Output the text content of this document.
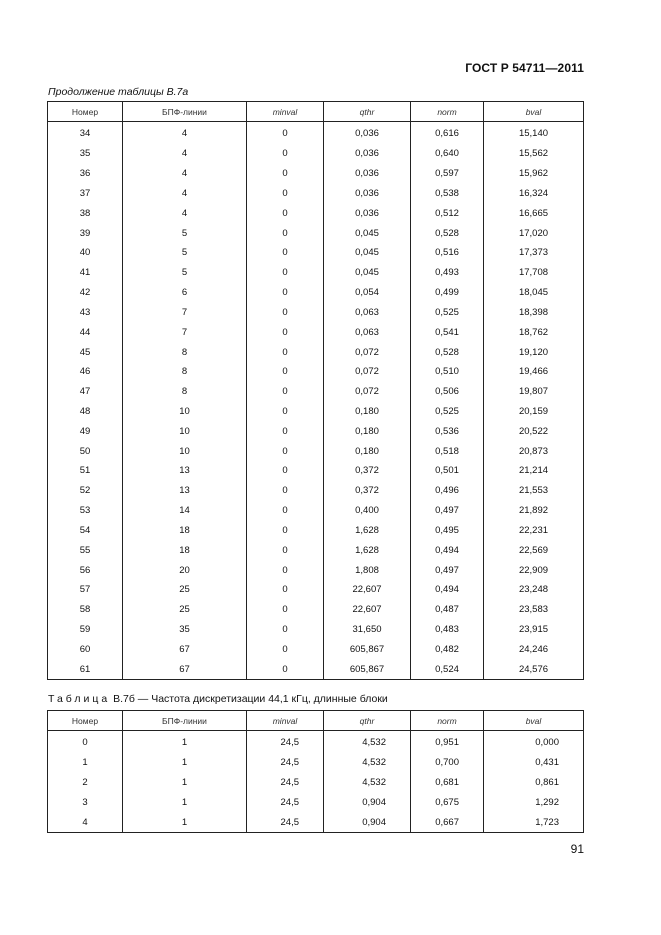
ГОСТ Р 54711—2011
Продолжение таблицы В.7а
Номер	БПФ-линии	minval	qthr	norm	bval
34	4	0	0,036	0,616	15,140
35	4	0	0,036	0,640	15,562
36	4	0	0,036	0,597	15,962
37	4	0	0,036	0,538	16,324
38	4	0	0,036	0,512	16,665
39	5	0	0,045	0,528	17,020
40	5	0	0,045	0,516	17,373
41	5	0	0,045	0,493	17,708
42	6	0	0,054	0,499	18,045
43	7	0	0,063	0,525	18,398
44	7	0	0,063	0,541	18,762
45	8	0	0,072	0,528	19,120
46	8	0	0,072	0,510	19,466
47	8	0	0,072	0,506	19,807
48	10	0	0,180	0,525	20,159
49	10	0	0,180	0,536	20,522
50	10	0	0,180	0,518	20,873
51	13	0	0,372	0,501	21,214
52	13	0	0,372	0,496	21,553
53	14	0	0,400	0,497	21,892
54	18	0	1,628	0,495	22,231
55	18	0	1,628	0,494	22,569
56	20	0	1,808	0,497	22,909
57	25	0	22,607	0,494	23,248
58	25	0	22,607	0,487	23,583
59	35	0	31,650	0,483	23,915
60	67	0	605,867	0,482	24,246
61	67	0	605,867	0,524	24,576
Таблица В.7б — Частота дискретизации 44,1 кГц, длинные блоки
Номер	БПФ-линии	minval	qthr	norm	bval
0	1	24,5	4,532	0,951	0,000
1	1	24,5	4,532	0,700	0,431
2	1	24,5	4,532	0,681	0,861
3	1	24,5	0,904	0,675	1,292
4	1	24,5	0,904	0,667	1,723
91
